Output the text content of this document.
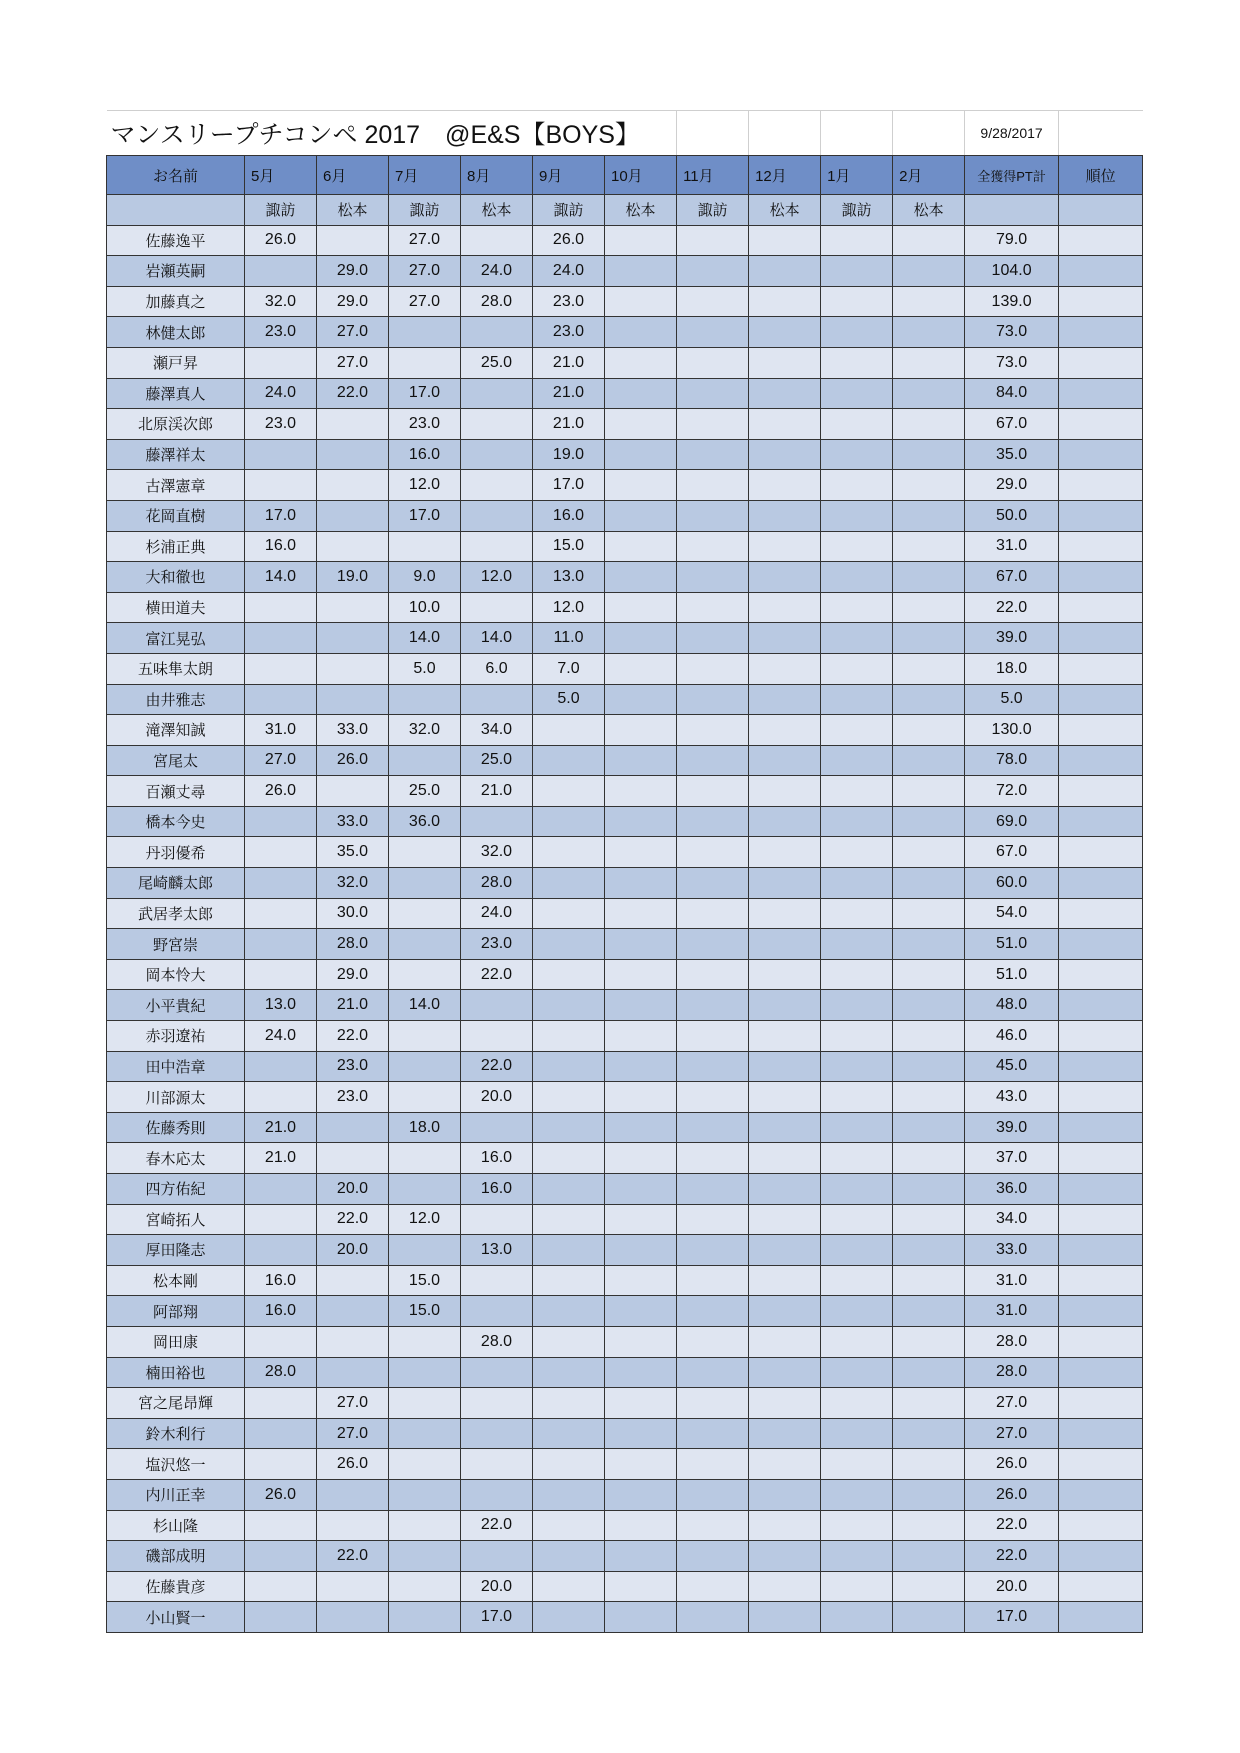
マンスリープチコンペ 2017　@E&S【BOYS】											9/28/2017	
お名前	5月	6月	7月	8月	9月	10月	11月	12月	1月	2月	全獲得PT計	順位
	諏訪	松本	諏訪	松本	諏訪	松本	諏訪	松本	諏訪	松本		
佐藤逸平	26.0		27.0		26.0						79.0	
岩瀬英嗣		29.0	27.0	24.0	24.0						104.0	
加藤真之	32.0	29.0	27.0	28.0	23.0						139.0	
林健太郎	23.0	27.0			23.0						73.0	
瀬戸昇		27.0		25.0	21.0						73.0	
藤澤真人	24.0	22.0	17.0		21.0						84.0	
北原渓次郎	23.0		23.0		21.0						67.0	
藤澤祥太			16.0		19.0						35.0	
古澤憲章			12.0		17.0						29.0	
花岡直樹	17.0		17.0		16.0						50.0	
杉浦正典	16.0				15.0						31.0	
大和徹也	14.0	19.0	9.0	12.0	13.0						67.0	
横田道夫			10.0		12.0						22.0	
富江晃弘			14.0	14.0	11.0						39.0	
五味隼太朗			5.0	6.0	7.0						18.0	
由井雅志					5.0						5.0	
滝澤知誠	31.0	33.0	32.0	34.0							130.0	
宮尾太	27.0	26.0		25.0							78.0	
百瀬丈尋	26.0		25.0	21.0							72.0	
橋本今史		33.0	36.0								69.0	
丹羽優希		35.0		32.0							67.0	
尾崎麟太郎		32.0		28.0							60.0	
武居孝太郎		30.0		24.0							54.0	
野宮崇		28.0		23.0							51.0	
岡本怜大		29.0		22.0							51.0	
小平貴紀	13.0	21.0	14.0								48.0	
赤羽遼祐	24.0	22.0									46.0	
田中浩章		23.0		22.0							45.0	
川部源太		23.0		20.0							43.0	
佐藤秀則	21.0		18.0								39.0	
春木応太	21.0			16.0							37.0	
四方佑紀		20.0		16.0							36.0	
宮崎拓人		22.0	12.0								34.0	
厚田隆志		20.0		13.0							33.0	
松本剛	16.0		15.0								31.0	
阿部翔	16.0		15.0								31.0	
岡田康				28.0							28.0	
楠田裕也	28.0										28.0	
宮之尾昂輝		27.0									27.0	
鈴木利行		27.0									27.0	
塩沢悠一		26.0									26.0	
内川正幸	26.0										26.0	
杉山隆				22.0							22.0	
磯部成明		22.0									22.0	
佐藤貴彦				20.0							20.0	
小山賢一				17.0							17.0	
